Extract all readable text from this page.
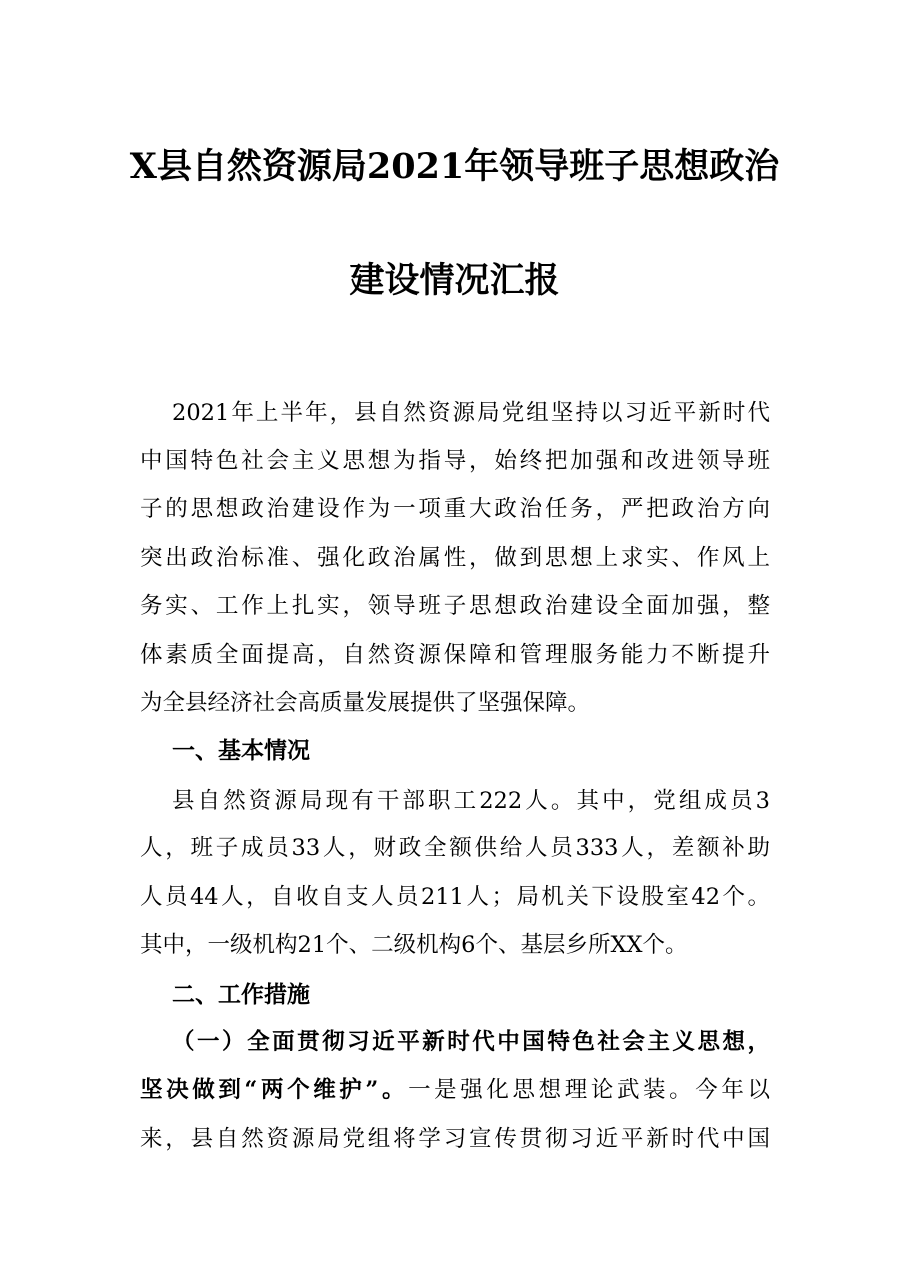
X县自然资源局2021年领导班子思想政治
建设情况汇报
2021年上半年，县自然资源局党组坚持以习近平新时代
中国特色社会主义思想为指导，始终把加强和改进领导班
子的思想政治建设作为一项重大政治任务，严把政治方向
突出政治标准、强化政治属性，做到思想上求实、作风上
务实、工作上扎实，领导班子思想政治建设全面加强，整
体素质全面提高，自然资源保障和管理服务能力不断提升
为全县经济社会高质量发展提供了坚强保障。
一、基本情况
县自然资源局现有干部职工222人。其中，党组成员3
人，班子成员33人，财政全额供给人员333人，差额补助
人员44人，自收自支人员211人；局机关下设股室42个。
其中，一级机构21个、二级机构6个、基层乡所XX个。
二、工作措施
（一）全面贯彻习近平新时代中国特色社会主义思想，
坚决做到“两个维护”。一是强化思想理论武装。今年以
来，县自然资源局党组将学习宣传贯彻习近平新时代中国
